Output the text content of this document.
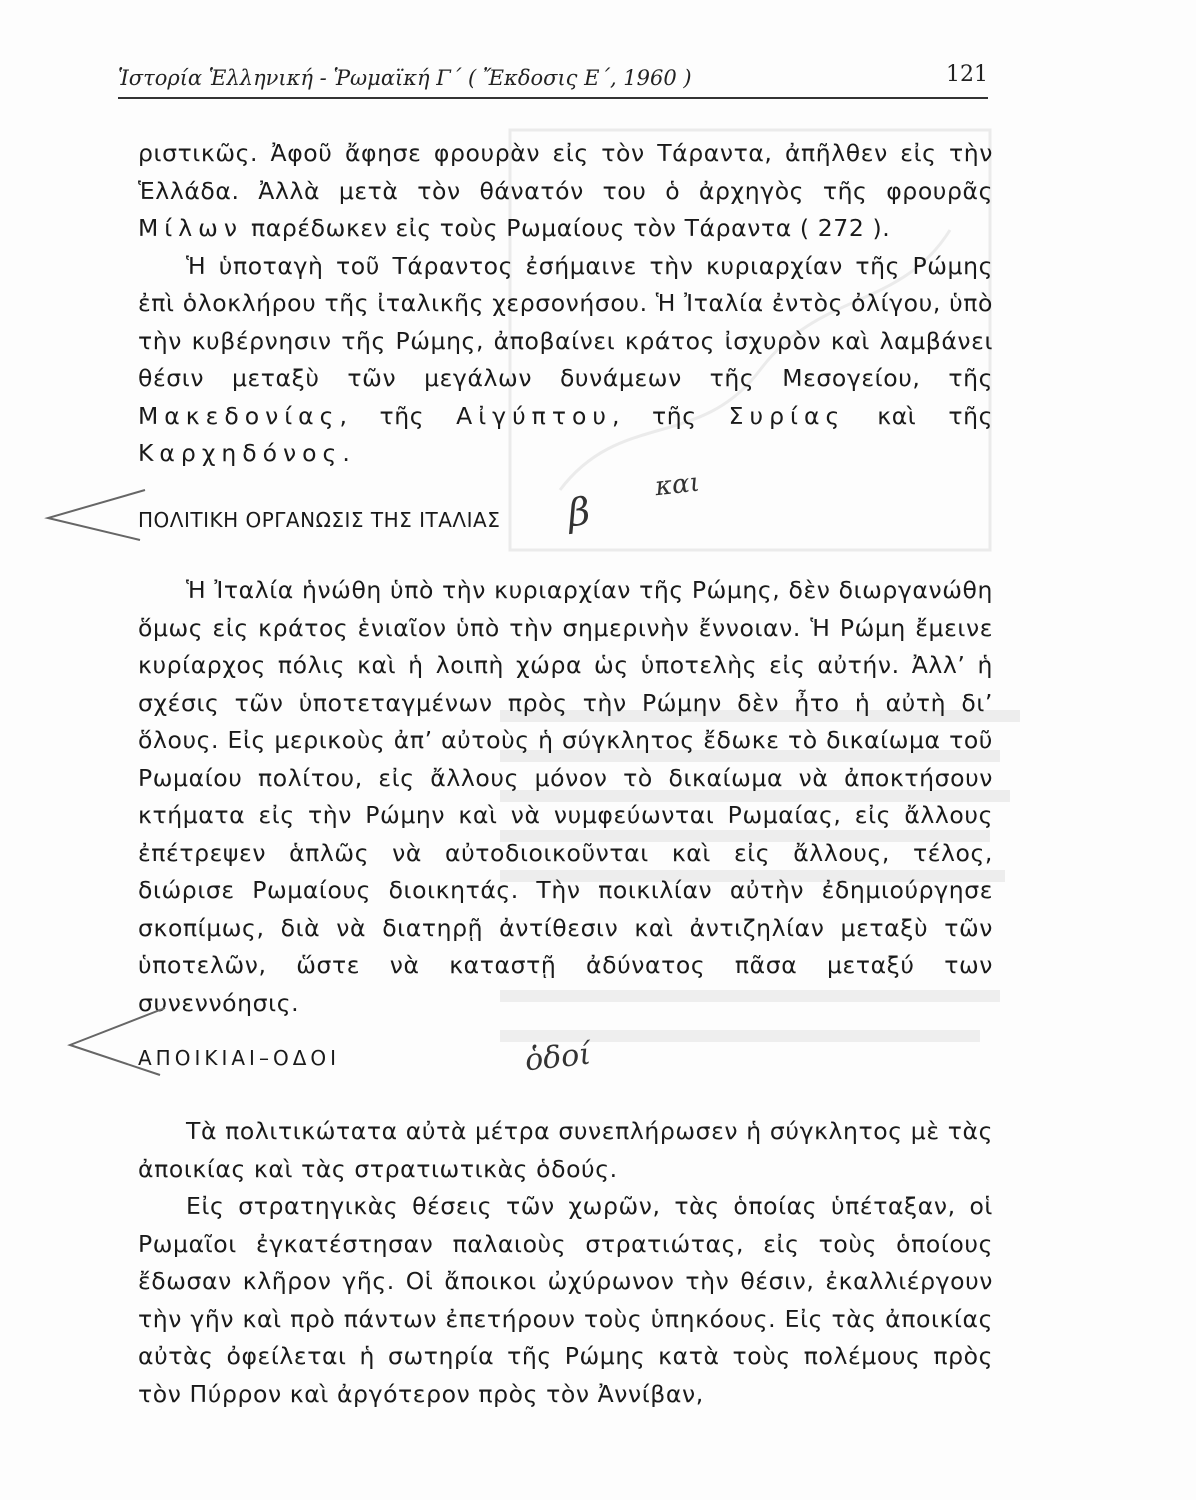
Ἱστορία Ἑλληνική - Ῥωμαϊκή Γ΄ ( Ἔκδοσις Ε΄, 1960 )	121

ριστικῶς. Ἀφοῦ ἄφησε φρουρὰν εἰς τὸν Τάραντα, ἀπῆλθεν εἰς τὴν Ἑλλάδα. Ἀλλὰ μετὰ τὸν θάνατόν του ὁ ἀρχηγὸς τῆς φρουρᾶς Μίλων παρέδωκεν εἰς τοὺς Ρωμαίους τὸν Τάραντα ( 272 ).

Ἡ ὑποταγὴ τοῦ Τάραντος ἐσήμαινε τὴν κυριαρχίαν τῆς Ρώμης ἐπὶ ὁλοκλήρου τῆς ἰταλικῆς χερσονήσου. Ἡ Ἰταλία ἐντὸς ὀλίγου, ὑπὸ τὴν κυβέρνησιν τῆς Ρώμης, ἀποβαίνει κράτος ἰσχυρὸν καὶ λαμβάνει θέσιν μεταξὺ τῶν μεγάλων δυνάμεων τῆς Μεσογείου, τῆς Μακεδονίας, τῆς Αἰγύπτου, τῆς Συρίας καὶ τῆς Καρχηδόνος.

ΠΟΛΙΤΙΚΗ ΟΡΓΑΝΩΣΙΣ ΤΗΣ ΙΤΑΛΙΑΣ β
και

Ἡ Ἰταλία ἡνώθη ὑπὸ τὴν κυριαρχίαν τῆς Ρώμης, δὲν διωργανώθη ὅμως εἰς κράτος ἑνιαῖον ὑπὸ τὴν σημερινὴν ἔννοιαν. Ἡ Ρώμη ἔμεινε κυρίαρχος πόλις καὶ ἡ λοιπὴ χώρα ὡς ὑποτελὴς εἰς αὐτήν. Ἀλλ’ ἡ σχέσις τῶν ὑποτεταγμένων πρὸς τὴν Ρώμην δὲν ἦτο ἡ αὐτὴ δι’ ὅλους. Εἰς μερικοὺς ἀπ’ αὐτοὺς ἡ σύγκλητος ἔδωκε τὸ δικαίωμα τοῦ Ρωμαίου πολίτου, εἰς ἄλλους μόνον τὸ δικαίωμα νὰ ἀποκτήσουν κτήματα εἰς τὴν Ρώμην καὶ νὰ νυμφεύωνται Ρωμαίας, εἰς ἄλλους ἐπέτρεψεν ἁπλῶς νὰ αὐτοδιοικοῦνται καὶ εἰς ἄλλους, τέλος, διώρισε Ρωμαίους διοικητάς. Τὴν ποικιλίαν αὐτὴν ἐδημιούργησε σκοπίμως, διὰ νὰ διατηρῇ ἀντίθεσιν καὶ ἀντιζηλίαν μεταξὺ τῶν ὑποτελῶν, ὥστε νὰ καταστῇ ἀδύνατος πᾶσα μεταξύ των συνεννόησις.

ΑΠΟΙΚΙΑΙ–ΟΔΟΙ	ὁδοί

Τὰ πολιτικώτατα αὐτὰ μέτρα συνεπλήρωσεν ἡ σύγκλητος μὲ τὰς ἀποικίας καὶ τὰς στρατιωτικὰς ὁδούς.

Εἰς στρατηγικὰς θέσεις τῶν χωρῶν, τὰς ὁποίας ὑπέταξαν, οἱ Ρωμαῖοι ἐγκατέστησαν παλαιοὺς στρατιώτας, εἰς τοὺς ὁποίους ἔδωσαν κλῆρον γῆς. Οἱ ἄποικοι ὠχύρωνον τὴν θέσιν, ἐκαλλιέργουν τὴν γῆν καὶ πρὸ πάντων ἐπετήρουν τοὺς ὑπηκόους. Εἰς τὰς ἀποικίας αὐτὰς ὀφείλεται ἡ σωτηρία τῆς Ρώμης κατὰ τοὺς πολέμους πρὸς τὸν Πύρρον καὶ ἀργότερον πρὸς τὸν Ἀννίβαν,
